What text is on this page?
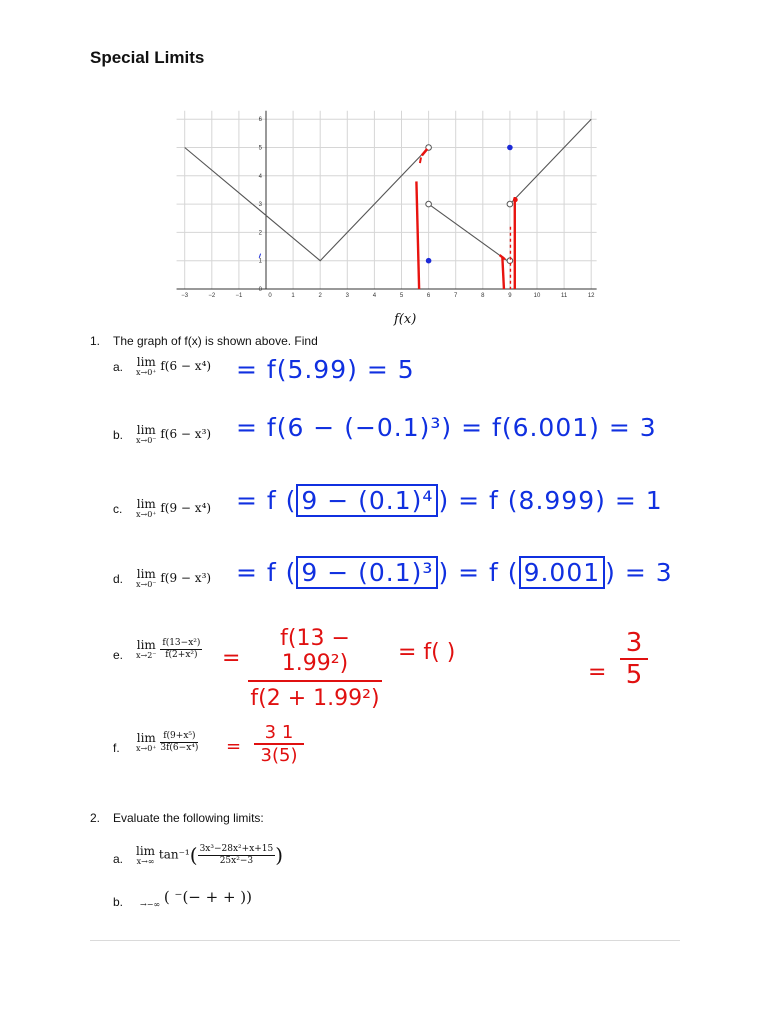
Special Limits
−3	−2	−1	0	1	2	3	4	5	6	7	8	9	10	11	12
0
1
2
3
4
5
6
f(x)
1. The graph of f(x) is shown above. Find
a. lim
x→0⁺ f(6 − x⁴) = f(5.99) = 5
b. lim
x→0⁻ f(6 − x³) = f(6 − (−0.1)³) = f(6.001) = 3
c. lim
x→0⁺ f(9 − x⁴) = f ( 9 − (0.1)⁴ ) = f (8.999) = 1
d. lim
x→0⁻ f(9 − x³) = f ( 9 − (0.1)³ ) = f ( 9.001 ) = 3
e.
lim
x→2⁻
$\frac{\text{f(13−x²)}}{\text{f(2+x²)}}$ =
f(13 − 1.99²)
f(2 + 1.99²)
= f( )
=
3
5
f.
lim
x→0⁺
$\frac{\text{f(9+x⁵)}}{\text{3f(6−x⁴)}}$ =
3 1
3(5)
2. Evaluate the following limits:
a.
lim
x→∞ $\tan^{-1}( \frac{\text{3x³−28x²+x+15}}{\text{25x²−3}}$ )
b.
→−∞ ( ⁻(− + + ))
